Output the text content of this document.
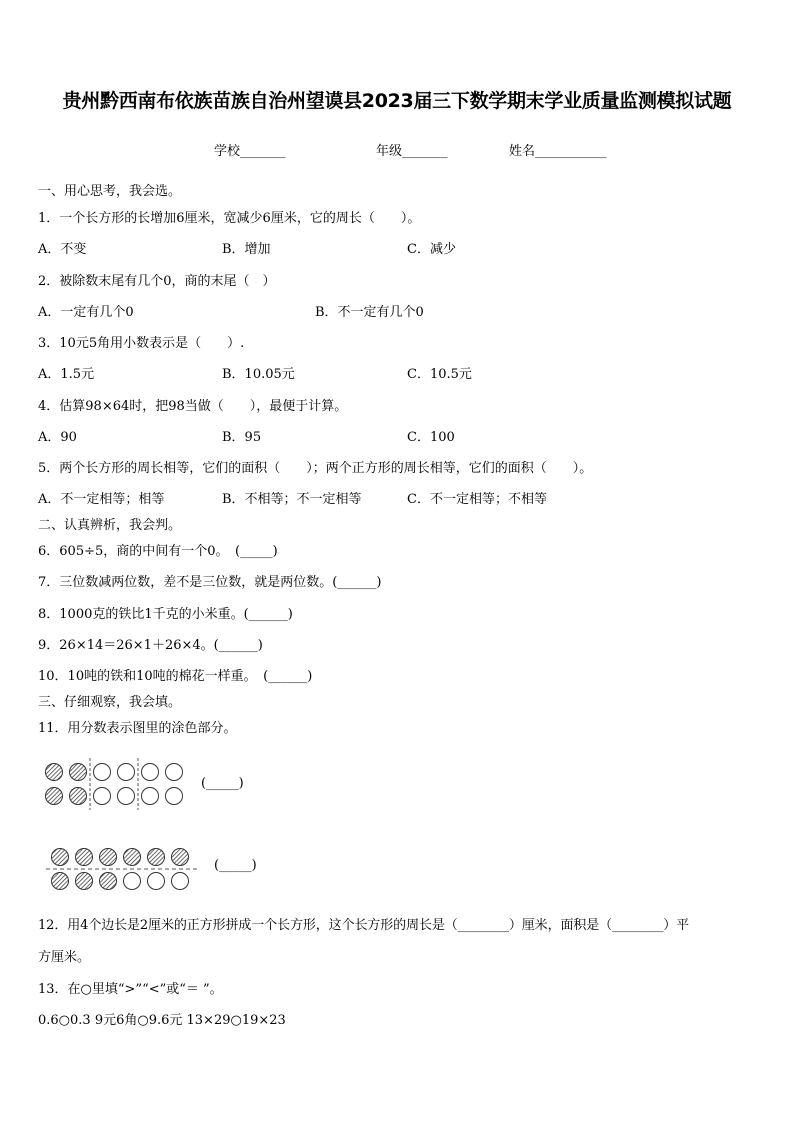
贵州黔西南布依族苗族自治州望谟县2023届三下数学期末学业质量监测模拟试题
学校_______	年级_______	姓名___________
一、用心思考，我会选。
1．一个长方形的长增加6厘米，宽减少6厘米，它的周长（　　）。
A．不变	B．增加	C．减少
2．被除数末尾有几个0，商的末尾（　）
A．一定有几个0	B．不一定有几个0
3．10元5角用小数表示是（　　）.
A．1.5元	B．10.05元	C．10.5元
4．估算98×64时，把98当做（　　），最便于计算。
A．90	B．95	C．100
5．两个长方形的周长相等，它们的面积（　　）；两个正方形的周长相等，它们的面积（　　）。
A．不一定相等；相等	B．不相等；不一定相等	C．不一定相等；不相等
二、认真辨析，我会判。
6．605÷5，商的中间有一个0。　(_____)
7．三位数减两位数，差不是三位数，就是两位数。(______)
8．1000克的铁比1千克的小米重。(______)
9．26×14＝26×1＋26×4。(______)
10．10吨的铁和10吨的棉花一样重。　(______)
三、仔细观察，我会填。
11．用分数表示图里的涂色部分。
(_____)
(_____)
12．用4个边长是2厘米的正方形拼成一个长方形，这个长方形的周长是（________）厘米，面积是（________）平
方厘米。
13．在○里填“>”“<”或“＝ ”。
0.6○0.3 9元6角○9.6元 13×29○19×23
